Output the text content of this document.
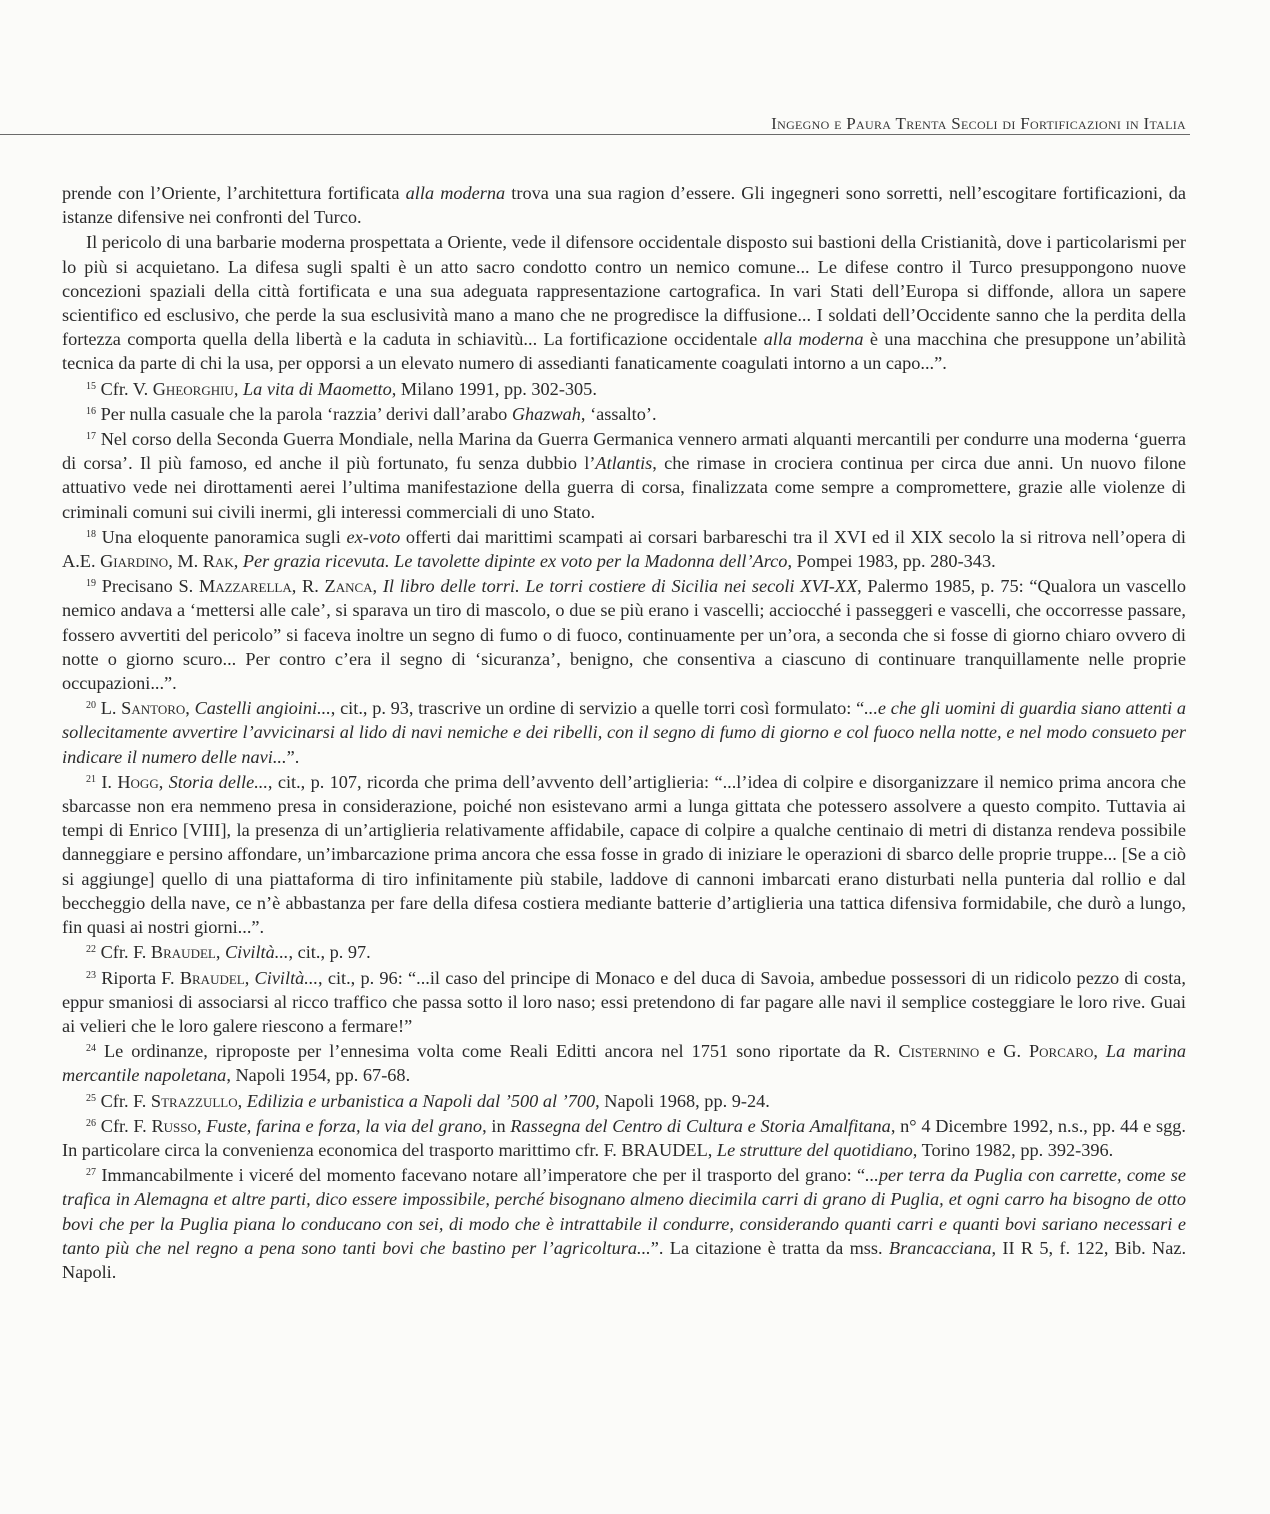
Ingegno e Paura Trenta Secoli di Fortificazioni in Italia

prende con l’Oriente, l’architettura fortificata alla moderna trova una sua ragion d’essere. Gli ingegneri sono sorretti, nell’escogitare fortificazioni, da istanze difensive nei confronti del Turco.

Il pericolo di una barbarie moderna prospettata a Oriente, vede il difensore occidentale disposto sui bastioni della Cristianità, dove i particolarismi per lo più si acquietano. La difesa sugli spalti è un atto sacro condotto contro un nemico comune... Le difese contro il Turco presuppongono nuove concezioni spaziali della città fortificata e una sua adeguata rappresentazione cartografica. In vari Stati dell’Europa si diffonde, allora un sapere scientifico ed esclusivo, che perde la sua esclusività mano a mano che ne progredisce la diffusione... I soldati dell’Occidente sanno che la perdita della fortezza comporta quella della libertà e la caduta in schiavitù... La fortificazione occidentale alla moderna è una macchina che presuppone un’abilità tecnica da parte di chi la usa, per opporsi a un elevato numero di assedianti fanaticamente coagulati intorno a un capo...”.

$^{15}$ Cfr. V. Gheorghiu, La vita di Maometto, Milano 1991, pp. 302-305.

$^{16}$ Per nulla casuale che la parola ‘razzia’ derivi dall’arabo Ghazwah, ‘assalto’.

$^{17}$ Nel corso della Seconda Guerra Mondiale, nella Marina da Guerra Germanica vennero armati alquanti mercantili per condurre una moderna ‘guerra di corsa’. Il più famoso, ed anche il più fortunato, fu senza dubbio l’Atlantis, che rimase in crociera continua per circa due anni. Un nuovo filone attuativo vede nei dirottamenti aerei l’ultima manifestazione della guerra di corsa, finalizzata come sempre a compromettere, grazie alle violenze di criminali comuni sui civili inermi, gli interessi commerciali di uno Stato.

$^{18}$ Una eloquente panoramica sugli ex-voto offerti dai marittimi scampati ai corsari barbareschi tra il XVI ed il XIX secolo la si ritrova nell’opera di A.E. Giardino, M. Rak, Per grazia ricevuta. Le tavolette dipinte ex voto per la Madonna dell’Arco, Pompei 1983, pp. 280-343.

$^{19}$ Precisano S. Mazzarella, R. Zanca, Il libro delle torri. Le torri costiere di Sicilia nei secoli XVI-XX, Palermo 1985, p. 75: “Qualora un vascello nemico andava a ‘mettersi alle cale’, si sparava un tiro di mascolo, o due se più erano i vascelli; acciocché i passeggeri e vascelli, che occorresse passare, fossero avvertiti del pericolo” si faceva inoltre un segno di fumo o di fuoco, continuamente per un’ora, a seconda che si fosse di giorno chiaro ovvero di notte o giorno scuro... Per contro c’era il segno di ‘sicuranza’, benigno, che consentiva a ciascuno di continuare tranquillamente nelle proprie occupazioni...”.

$^{20}$ L. Santoro, Castelli angioini..., cit., p. 93, trascrive un ordine di servizio a quelle torri così formulato: “...e che gli uomini di guardia siano attenti a sollecitamente avvertire l’avvicinarsi al lido di navi nemiche e dei ribelli, con il segno di fumo di giorno e col fuoco nella notte, e nel modo consueto per indicare il numero delle navi...”.

$^{21}$ I. Hogg, Storia delle..., cit., p. 107, ricorda che prima dell’avvento dell’artiglieria: “...l’idea di colpire e disorganizzare il nemico prima ancora che sbarcasse non era nemmeno presa in considerazione, poiché non esistevano armi a lunga gittata che potessero assolvere a questo compito. Tuttavia ai tempi di Enrico [VIII], la presenza di un’artiglieria relativamente affidabile, capace di colpire a qualche centinaio di metri di distanza rendeva possibile danneggiare e persino affondare, un’imbarcazione prima ancora che essa fosse in grado di iniziare le operazioni di sbarco delle proprie truppe... [Se a ciò si aggiunge] quello di una piattaforma di tiro infinitamente più stabile, laddove di cannoni imbarcati erano disturbati nella punteria dal rollio e dal beccheggio della nave, ce n’è abbastanza per fare della difesa costiera mediante batterie d’artiglieria una tattica difensiva formidabile, che durò a lungo, fin quasi ai nostri giorni...”.

$^{22}$ Cfr. F. Braudel, Civiltà..., cit., p. 97.

$^{23}$ Riporta F. Braudel, Civiltà..., cit., p. 96: “...il caso del principe di Monaco e del duca di Savoia, ambedue possessori di un ridicolo pezzo di costa, eppur smaniosi di associarsi al ricco traffico che passa sotto il loro naso; essi pretendono di far pagare alle navi il semplice costeggiare le loro rive. Guai ai velieri che le loro galere riescono a fermare!”

$^{24}$ Le ordinanze, riproposte per l’ennesima volta come Reali Editti ancora nel 1751 sono riportate da R. Cisternino e G. Porcaro, La marina mercantile napoletana, Napoli 1954, pp. 67-68.

$^{25}$ Cfr. F. Strazzullo, Edilizia e urbanistica a Napoli dal ’500 al ’700, Napoli 1968, pp. 9-24.

$^{26}$ Cfr. F. Russo, Fuste, farina e forza, la via del grano, in Rassegna del Centro di Cultura e Storia Amalfitana, n° 4 Dicembre 1992, n.s., pp. 44 e sgg. In particolare circa la convenienza economica del trasporto marittimo cfr. F. BRAUDEL, Le strutture del quotidiano, Torino 1982, pp. 392-396.

$^{27}$ Immancabilmente i viceré del momento facevano notare all’imperatore che per il trasporto del grano: “...per terra da Puglia con carrette, come se trafica in Alemagna et altre parti, dico essere impossibile, perché bisognano almeno diecimila carri di grano di Puglia, et ogni carro ha bisogno de otto bovi che per la Puglia piana lo conducano con sei, di modo che è intrattabile il condurre, considerando quanti carri e quanti bovi sariano necessari e tanto più che nel regno a pena sono tanti bovi che bastino per l’agricoltura...”. La citazione è tratta da mss. Brancacciana, II R 5, f. 122, Bib. Naz. Napoli.
